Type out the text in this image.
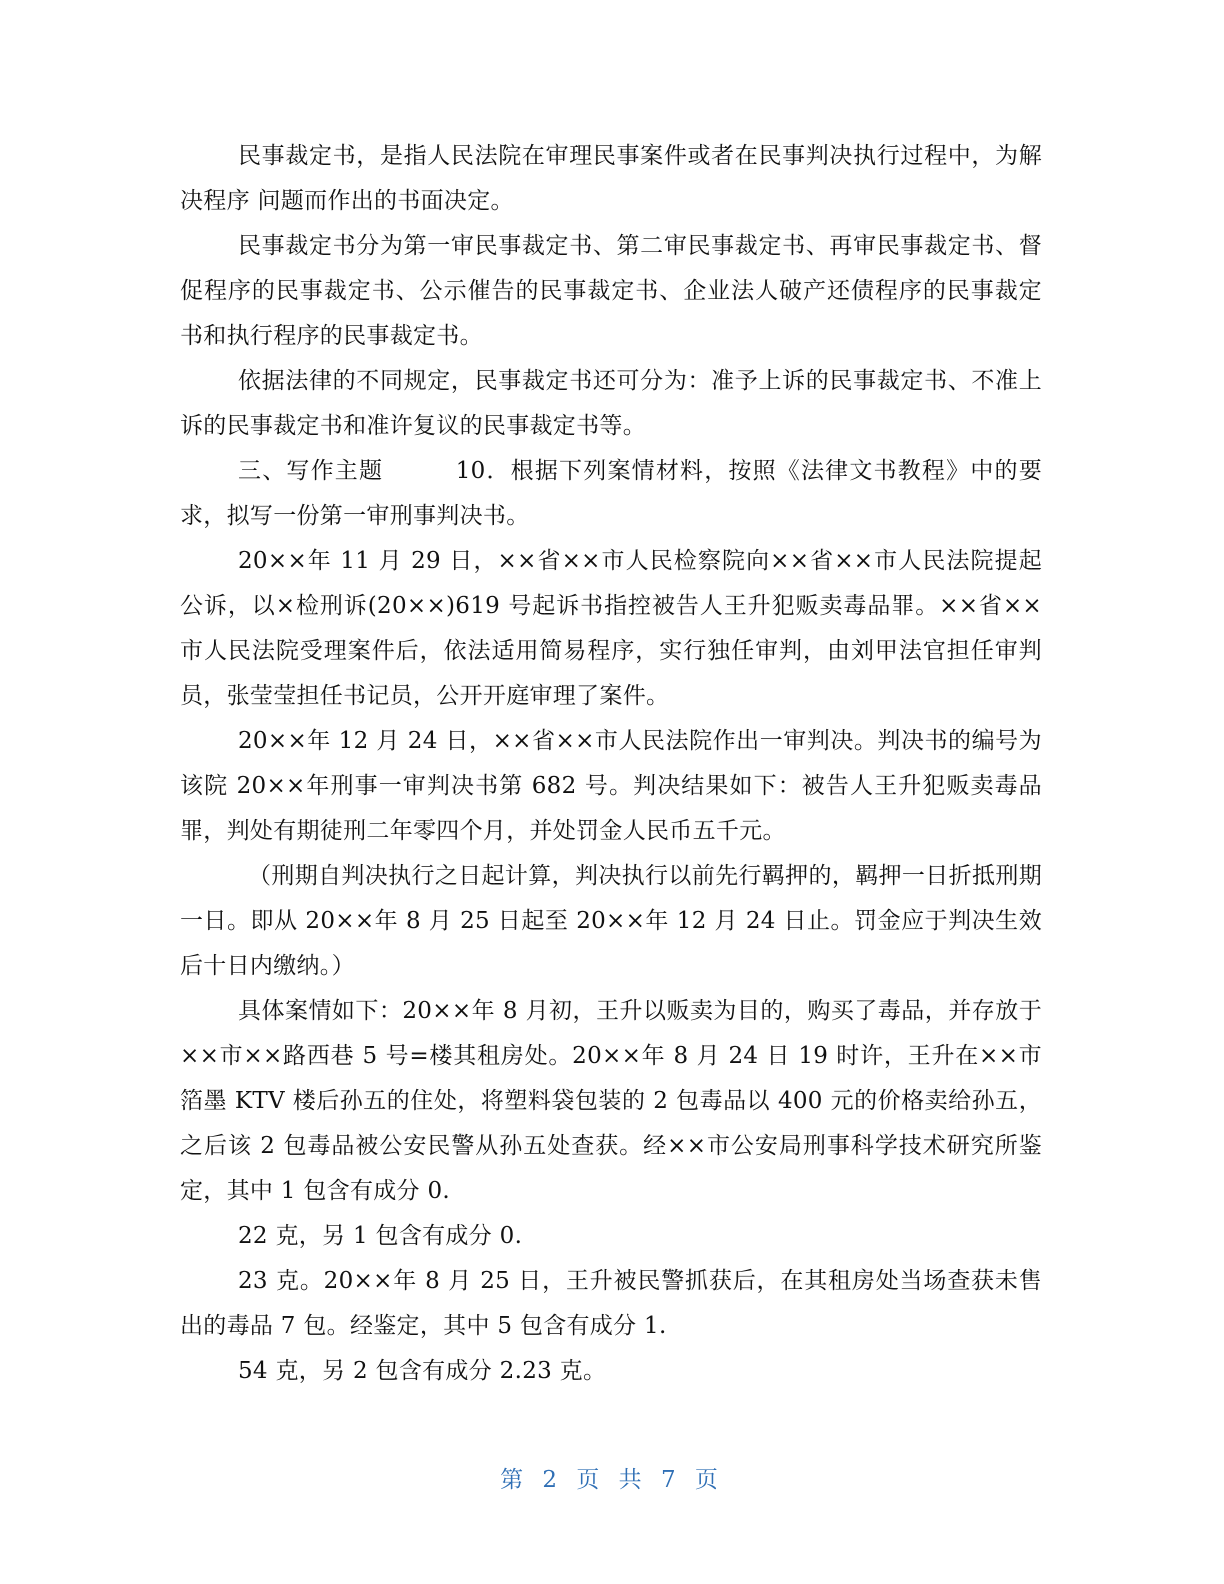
民事裁定书，是指人民法院在审理民事案件或者在民事判决执行过程中，为解决程序 问题而作出的书面决定。

民事裁定书分为第一审民事裁定书、第二审民事裁定书、再审民事裁定书、督促程序的民事裁定书、公示催告的民事裁定书、企业法人破产还债程序的民事裁定书和执行程序的民事裁定书。

依据法律的不同规定，民事裁定书还可分为：准予上诉的民事裁定书、不准上诉的民事裁定书和准许复议的民事裁定书等。

三、写作主题　　　10．根据下列案情材料，按照《法律文书教程》中的要求，拟写一份第一审刑事判决书。

20××年 11 月 29 日，××省××市人民检察院向××省××市人民法院提起公诉，以×检刑诉(20××)619 号起诉书指控被告人王升犯贩卖毒品罪。××省××市人民法院受理案件后，依法适用简易程序，实行独任审判，由刘甲法官担任审判员，张莹莹担任书记员，公开开庭审理了案件。

20××年 12 月 24 日，××省××市人民法院作出一审判决。判决书的编号为该院 20××年刑事一审判决书第 682 号。判决结果如下：被告人王升犯贩卖毒品罪，判处有期徒刑二年零四个月，并处罚金人民币五千元。

（刑期自判决执行之日起计算，判决执行以前先行羁押的，羁押一日折抵刑期一日。即从 20××年 8 月 25 日起至 20××年 12 月 24 日止。罚金应于判决生效后十日内缴纳。）

具体案情如下：20××年 8 月初，王升以贩卖为目的，购买了毒品，并存放于××市××路西巷 5 号=楼其租房处。20××年 8 月 24 日 19 时许，王升在××市箔墨 KTV 楼后孙五的住处，将塑料袋包装的 2 包毒品以 400 元的价格卖给孙五，之后该 2 包毒品被公安民警从孙五处查获。经××市公安局刑事科学技术研究所鉴定，其中 1 包含有成分 0.

22 克，另 1 包含有成分 0.

23 克。20××年 8 月 25 日，王升被民警抓获后，在其租房处当场查获未售出的毒品 7 包。经鉴定，其中 5 包含有成分 1.

54 克，另 2 包含有成分 2.23 克。

第 2 页 共 7 页
